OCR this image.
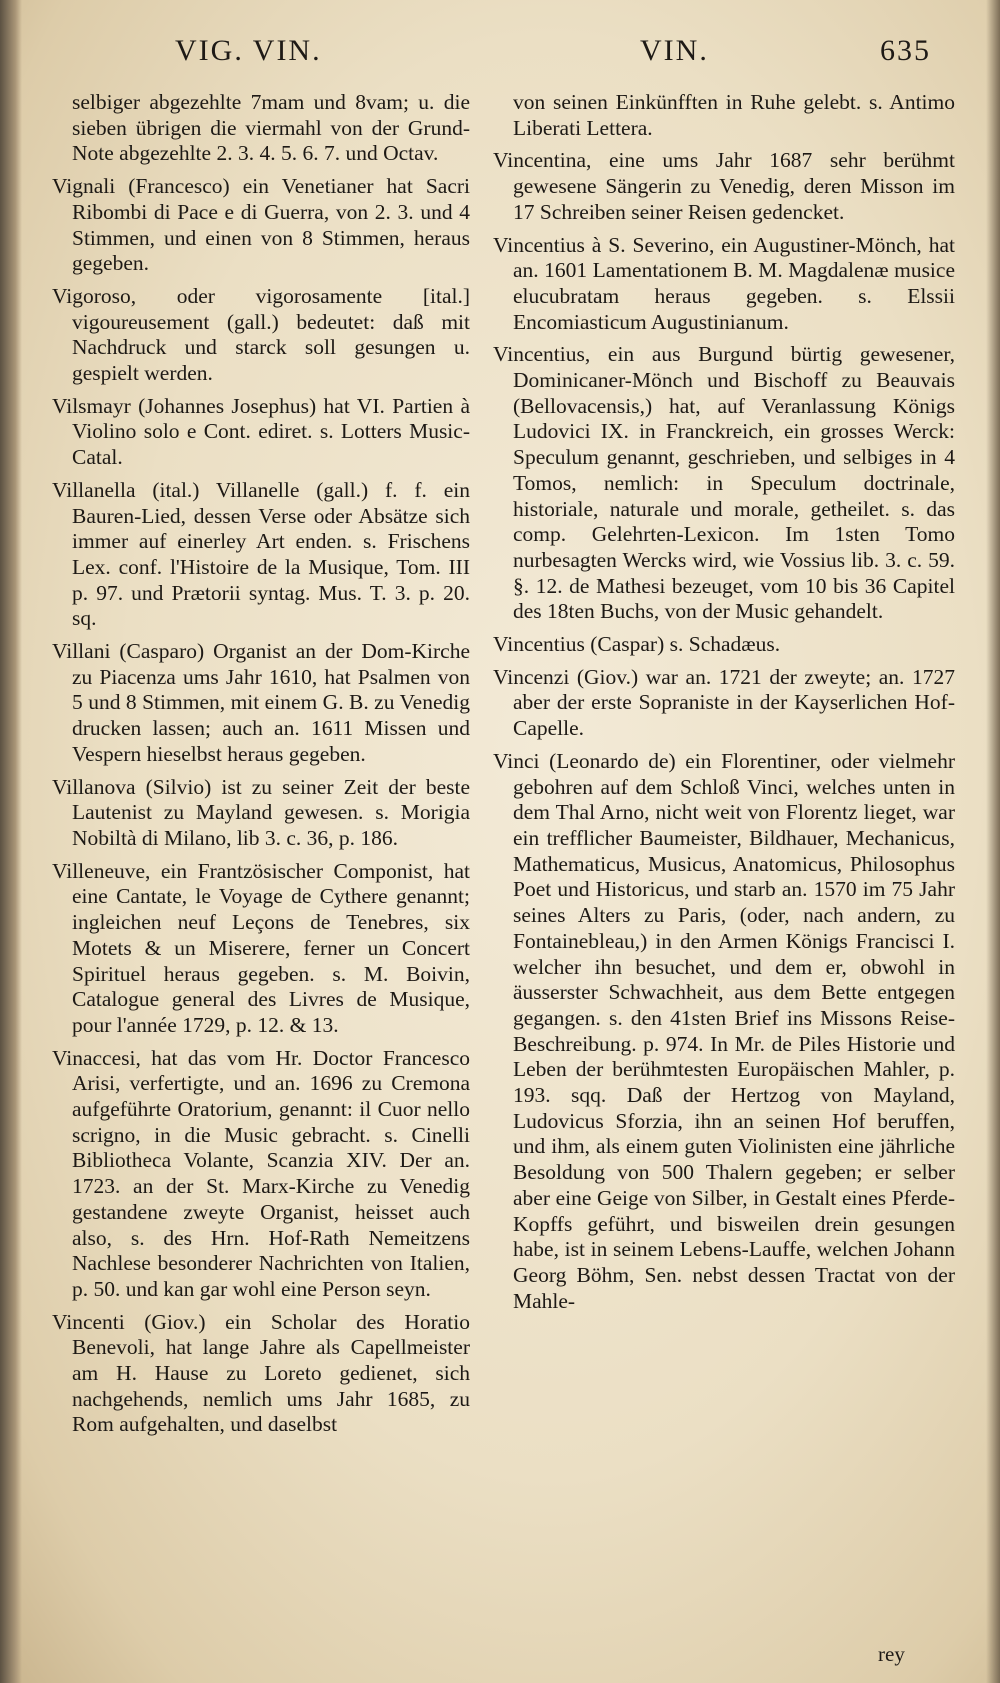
VIG. VIN.	VIN.	635

selbiger abgezehlte 7mam und 8vam; u. die sieben übrigen die viermahl von der Grund-Note abgezehlte 2. 3. 4. 5. 6. 7. und Octav.

Vignali (Francesco) ein Venetianer hat Sacri Ribombi di Pace e di Guerra, von 2. 3. und 4 Stimmen, und einen von 8 Stimmen, heraus gegeben.

Vigoroso, oder vigorosamente [ital.] vigoureusement (gall.) bedeutet: daß mit Nachdruck und starck soll gesungen u. gespielt werden.

Vilsmayr (Johannes Josephus) hat VI. Partien à Violino solo e Cont. ediret. s. Lotters Music-Catal.

Villanella (ital.) Villanelle (gall.) f. f. ein Bauren-Lied, dessen Verse oder Absätze sich immer auf einerley Art enden. s. Frischens Lex. conf. l'Histoire de la Musique, Tom. III p. 97. und Prætorii syntag. Mus. T. 3. p. 20. sq.

Villani (Casparo) Organist an der Dom-Kirche zu Piacenza ums Jahr 1610, hat Psalmen von 5 und 8 Stimmen, mit einem G. B. zu Venedig drucken lassen; auch an. 1611 Missen und Vespern hieselbst heraus gegeben.

Villanova (Silvio) ist zu seiner Zeit der beste Lautenist zu Mayland gewesen. s. Morigia Nobiltà di Milano, lib 3. c. 36, p. 186.

Villeneuve, ein Frantzösischer Componist, hat eine Cantate, le Voyage de Cythere genannt; ingleichen neuf Leçons de Tenebres, six Motets & un Miserere, ferner un Concert Spirituel heraus gegeben. s. M. Boivin, Catalogue general des Livres de Musique, pour l'année 1729, p. 12. & 13.

Vinaccesi, hat das vom Hr. Doctor Francesco Arisi, verfertigte, und an. 1696 zu Cremona aufgeführte Oratorium, genannt: il Cuor nello scrigno, in die Music gebracht. s. Cinelli Bibliotheca Volante, Scanzia XIV. Der an. 1723. an der St. Marx-Kirche zu Venedig gestandene zweyte Organist, heisset auch also, s. des Hrn. Hof-Rath Nemeitzens Nachlese besonderer Nachrichten von Italien, p. 50. und kan gar wohl eine Person seyn.

Vincenti (Giov.) ein Scholar des Horatio Benevoli, hat lange Jahre als Capellmeister am H. Hause zu Loreto gedienet, sich nachgehends, nemlich ums Jahr 1685, zu Rom aufgehalten, und daselbst

von seinen Einkünfften in Ruhe gelebt. s. Antimo Liberati Lettera.

Vincentina, eine ums Jahr 1687 sehr berühmt gewesene Sängerin zu Venedig, deren Misson im 17 Schreiben seiner Reisen gedencket.

Vincentius à S. Severino, ein Augustiner-Mönch, hat an. 1601 Lamentationem B. M. Magdalenæ musice elucubratam heraus gegeben. s. Elssii Encomiasticum Augustinianum.

Vincentius, ein aus Burgund bürtig gewesener, Dominicaner-Mönch und Bischoff zu Beauvais (Bellovacensis,) hat, auf Veranlassung Königs Ludovici IX. in Franckreich, ein grosses Werck: Speculum genannt, geschrieben, und selbiges in 4 Tomos, nemlich: in Speculum doctrinale, historiale, naturale und morale, getheilet. s. das comp. Gelehrten-Lexicon. Im 1sten Tomo nurbesagten Wercks wird, wie Vossius lib. 3. c. 59. §. 12. de Mathesi bezeuget, vom 10 bis 36 Capitel des 18ten Buchs, von der Music gehandelt.

Vincentius (Caspar) s. Schadæus.

Vincenzi (Giov.) war an. 1721 der zweyte; an. 1727 aber der erste Sopraniste in der Kayserlichen Hof-Capelle.

Vinci (Leonardo de) ein Florentiner, oder vielmehr gebohren auf dem Schloß Vinci, welches unten in dem Thal Arno, nicht weit von Florentz lieget, war ein trefflicher Baumeister, Bildhauer, Mechanicus, Mathematicus, Musicus, Anatomicus, Philosophus Poet und Historicus, und starb an. 1570 im 75 Jahr seines Alters zu Paris, (oder, nach andern, zu Fontainebleau,) in den Armen Königs Francisci I. welcher ihn besuchet, und dem er, obwohl in äusserster Schwachheit, aus dem Bette entgegen gegangen. s. den 41sten Brief ins Missons Reise-Beschreibung. p. 974. In Mr. de Piles Historie und Leben der berühmtesten Europäischen Mahler, p. 193. sqq. Daß der Hertzog von Mayland, Ludovicus Sforzia, ihn an seinen Hof beruffen, und ihm, als einem guten Violinisten eine jährliche Besoldung von 500 Thalern gegeben; er selber aber eine Geige von Silber, in Gestalt eines Pferde-Kopffs geführt, und bisweilen drein gesungen habe, ist in seinem Lebens-Lauffe, welchen Johann Georg Böhm, Sen. nebst dessen Tractat von der Mahle-

rey
